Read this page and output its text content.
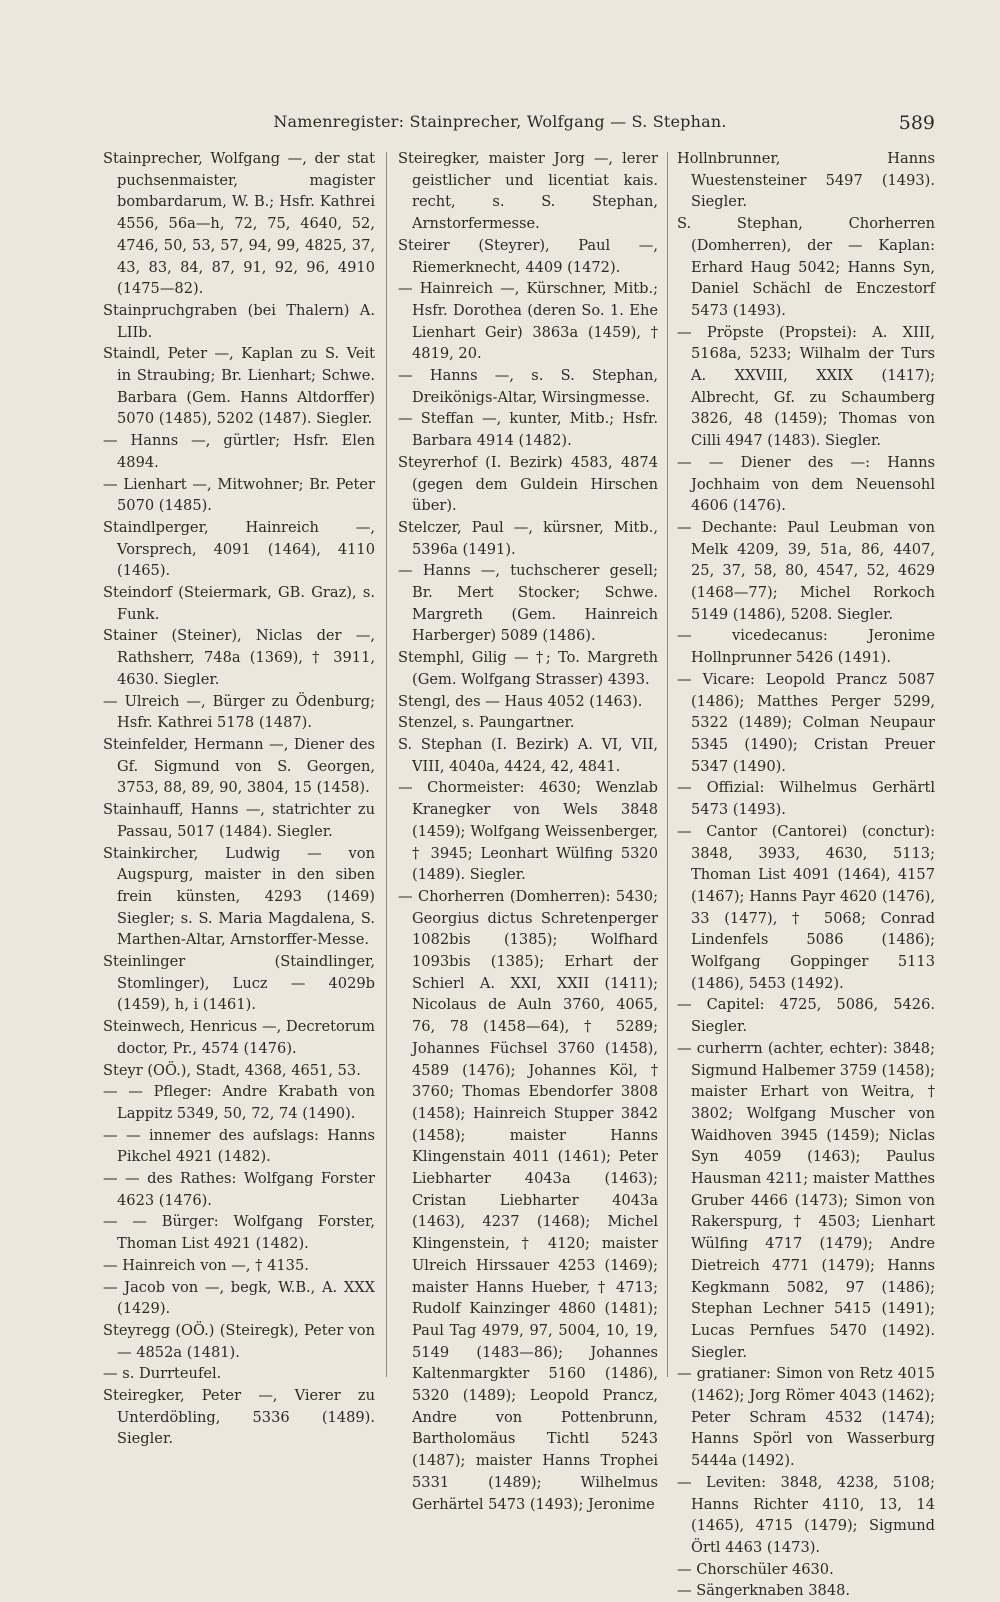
Namenregister: Stainprecher, Wolfgang — S. Stephan.	589
Stainprecher, Wolfgang —, der stat puchsenmaister, magister bombardarum, W. B.; Hsfr. Kathrei 4556, 56a—h, 72, 75, 4640, 52, 4746, 50, 53, 57, 94, 99, 4825, 37, 43, 83, 84, 87, 91, 92, 96, 4910 (1475—82).
Stainpruchgraben (bei Thalern) A. LIIb.
Staindl, Peter —, Kaplan zu S. Veit in Straubing; Br. Lienhart; Schwe. Barbara (Gem. Hanns Altdorffer) 5070 (1485), 5202 (1487). Siegler.
— Hanns —, gürtler; Hsfr. Elen 4894.
— Lienhart —, Mitwohner; Br. Peter 5070 (1485).
Staindlperger, Hainreich —, Vorsprech, 4091 (1464), 4110 (1465).
Steindorf (Steiermark, GB. Graz), s. Funk.
Stainer (Steiner), Niclas der —, Rathsherr, 748a (1369), † 3911, 4630. Siegler.
— Ulreich —, Bürger zu Ödenburg; Hsfr. Kathrei 5178 (1487).
Steinfelder, Hermann —, Diener des Gf. Sigmund von S. Georgen, 3753, 88, 89, 90, 3804, 15 (1458).
Stainhauff, Hanns —, statrichter zu Passau, 5017 (1484). Siegler.
Stainkircher, Ludwig — von Augspurg, maister in den siben frein künsten, 4293 (1469) Siegler; s. S. Maria Magdalena, S. Marthen-Altar, Arnstorffer-Messe.
Steinlinger (Staindlinger, Stomlinger), Lucz — 4029b (1459), h, i (1461).
Steinwech, Henricus —, Decretorum doctor, Pr., 4574 (1476).
Steyr (OÖ.), Stadt, 4368, 4651, 53.
— — Pfleger: Andre Krabath von Lappitz 5349, 50, 72, 74 (1490).
— — innemer des aufslags: Hanns Pikchel 4921 (1482).
— — des Rathes: Wolfgang Forster 4623 (1476).
— — Bürger: Wolfgang Forster, Thoman List 4921 (1482).
— Hainreich von —, † 4135.
— Jacob von —, begk, W.B., A. XXX (1429).
Steyregg (OÖ.) (Steiregk), Peter von — 4852a (1481).
— s. Durrteufel.
Steiregker, Peter —, Vierer zu Unterdöbling, 5336 (1489). Siegler.
Steiregker, maister Jorg —, lerer geistlicher und licentiat kais. recht, s. S. Stephan, Arnstorfermesse.
Steirer (Steyrer), Paul —, Riemerknecht, 4409 (1472).
— Hainreich —, Kürschner, Mitb.; Hsfr. Dorothea (deren So. 1. Ehe Lienhart Geir) 3863a (1459), † 4819, 20.
— Hanns —, s. S. Stephan, Dreikönigs-Altar, Wirsingmesse.
— Steffan —, kunter, Mitb.; Hsfr. Barbara 4914 (1482).
Steyrerhof (I. Bezirk) 4583, 4874 (gegen dem Guldein Hirschen über).
Stelczer, Paul —, kürsner, Mitb., 5396a (1491).
— Hanns —, tuchscherer gesell; Br. Mert Stocker; Schwe. Margreth (Gem. Hainreich Harberger) 5089 (1486).
Stemphl, Gilig — †; To. Margreth (Gem. Wolfgang Strasser) 4393.
Stengl, des — Haus 4052 (1463).
Stenzel, s. Paungartner.
S. Stephan (I. Bezirk) A. VI, VII, VIII, 4040a, 4424, 42, 4841.
— Chormeister: 4630; Wenzlab Kranegker von Wels 3848 (1459); Wolfgang Weissenberger, † 3945; Leonhart Wülfing 5320 (1489). Siegler.
— Chorherren (Domherren): 5430; Georgius dictus Schretenperger 1082bis (1385); Wolfhard 1093bis (1385); Erhart der Schierl A. XXI, XXII (1411); Nicolaus de Auln 3760, 4065, 76, 78 (1458—64), † 5289; Johannes Füchsel 3760 (1458), 4589 (1476); Johannes Köl, † 3760; Thomas Ebendorfer 3808 (1458); Hainreich Stupper 3842 (1458); maister Hanns Klingenstain 4011 (1461); Peter Liebharter 4043a (1463); Cristan Liebharter 4043a (1463), 4237 (1468); Michel Klingenstein, † 4120; maister Ulreich Hirssauer 4253 (1469); maister Hanns Hueber, † 4713; Rudolf Kainzinger 4860 (1481); Paul Tag 4979, 97, 5004, 10, 19, 5149 (1483—86); Johannes Kaltenmargkter 5160 (1486), 5320 (1489); Leopold Prancz, Andre von Pottenbrunn, Bartholomäus Tichtl 5243 (1487); maister Hanns Trophei 5331 (1489); Wilhelmus Gerhärtel 5473 (1493); Jeronime
Hollnbrunner, Hanns Wuestensteiner 5497 (1493). Siegler.
S. Stephan, Chorherren (Domherren), der — Kaplan: Erhard Haug 5042; Hanns Syn, Daniel Schächl de Enczestorf 5473 (1493).
— Pröpste (Propstei): A. XIII, 5168a, 5233; Wilhalm der Turs A. XXVIII, XXIX (1417); Albrecht, Gf. zu Schaumberg 3826, 48 (1459); Thomas von Cilli 4947 (1483). Siegler.
— — Diener des —: Hanns Jochhaim von dem Neuensohl 4606 (1476).
— Dechante: Paul Leubman von Melk 4209, 39, 51a, 86, 4407, 25, 37, 58, 80, 4547, 52, 4629 (1468—77); Michel Rorkoch 5149 (1486), 5208. Siegler.
— vicedecanus: Jeronime Hollnprunner 5426 (1491).
— Vicare: Leopold Prancz 5087 (1486); Matthes Perger 5299, 5322 (1489); Colman Neupaur 5345 (1490); Cristan Preuer 5347 (1490).
— Offizial: Wilhelmus Gerhärtl 5473 (1493).
— Cantor (Cantorei) (conctur): 3848, 3933, 4630, 5113; Thoman List 4091 (1464), 4157 (1467); Hanns Payr 4620 (1476), 33 (1477), † 5068; Conrad Lindenfels 5086 (1486); Wolfgang Goppinger 5113 (1486), 5453 (1492).
— Capitel: 4725, 5086, 5426. Siegler.
— curherrn (achter, echter): 3848; Sigmund Halbemer 3759 (1458); maister Erhart von Weitra, † 3802; Wolfgang Muscher von Waidhoven 3945 (1459); Niclas Syn 4059 (1463); Paulus Hausman 4211; maister Matthes Gruber 4466 (1473); Simon von Rakerspurg, † 4503; Lienhart Wülfing 4717 (1479); Andre Dietreich 4771 (1479); Hanns Kegkmann 5082, 97 (1486); Stephan Lechner 5415 (1491); Lucas Pernfues 5470 (1492). Siegler.
— gratianer: Simon von Retz 4015 (1462); Jorg Römer 4043 (1462); Peter Schram 4532 (1474); Hanns Spörl von Wasserburg 5444a (1492).
— Leviten: 3848, 4238, 5108; Hanns Richter 4110, 13, 14 (1465), 4715 (1479); Sigmund Örtl 4463 (1473).
— Chorschüler 4630.
— Sängerknaben 3848.
